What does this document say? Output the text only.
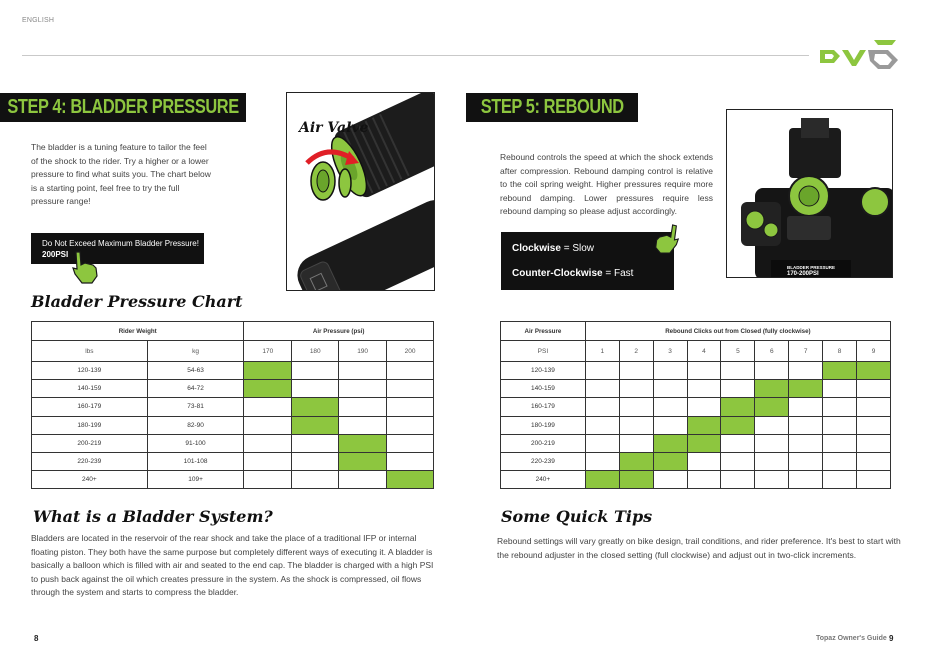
ENGLISH
STEP 4: BLADDER PRESSURE
The bladder is a tuning feature to tailor the feel of the shock to the rider. Try a higher or a lower pressure to find what suits you. The chart below is a starting point, feel free to try the full pressure range!
Do Not Exceed Maximum Bladder Pressure!
200PSI
Air Valve
Bladder Pressure Chart
Rider Weight		Air Pressure (psi)			
lbs	kg	170	180	190	200
120-139	54-63				
140-159	64-72				
160-179	73-81				
180-199	82-90				
200-219	91-100				
220-239	101-108				
240+	109+				
What is a Bladder System?
Bladders are located in the reservoir of the rear shock and take the place of a traditional IFP or internal floating piston. They both have the same purpose but completely different ways of executing it. A bladder is basically a balloon which is filled with air and seated to the end cap. The bladder is charged with a high PSI to push back against the oil which creates pressure in the system. As the shock is compressed, oil flows through the system and starts to compress the bladder.
8
STEP 5: REBOUND
Rebound controls the speed at which the shock extends after compression. Rebound damping control is relative to the coil spring weight. Higher pressures require more rebound damping. Lower pressures require less rebound damping so please adjust accordingly.
Clockwise = Slow
Counter-Clockwise = Fast
BLADDER PRESSURE
170-200PSI
Air Pressure	Rebound Clicks out from Closed (fully clockwise)								
PSI	1	2	3	4	5	6	7	8	9
120-139									
140-159									
160-179									
180-199									
200-219									
220-239									
240+									
Some Quick Tips
Rebound settings will vary greatly on bike design, trail conditions, and rider preference. It's best to start with the rebound adjuster in the closed setting (full clockwise) and adjust out in two-click increments.
Topaz Owner's Guide 9
